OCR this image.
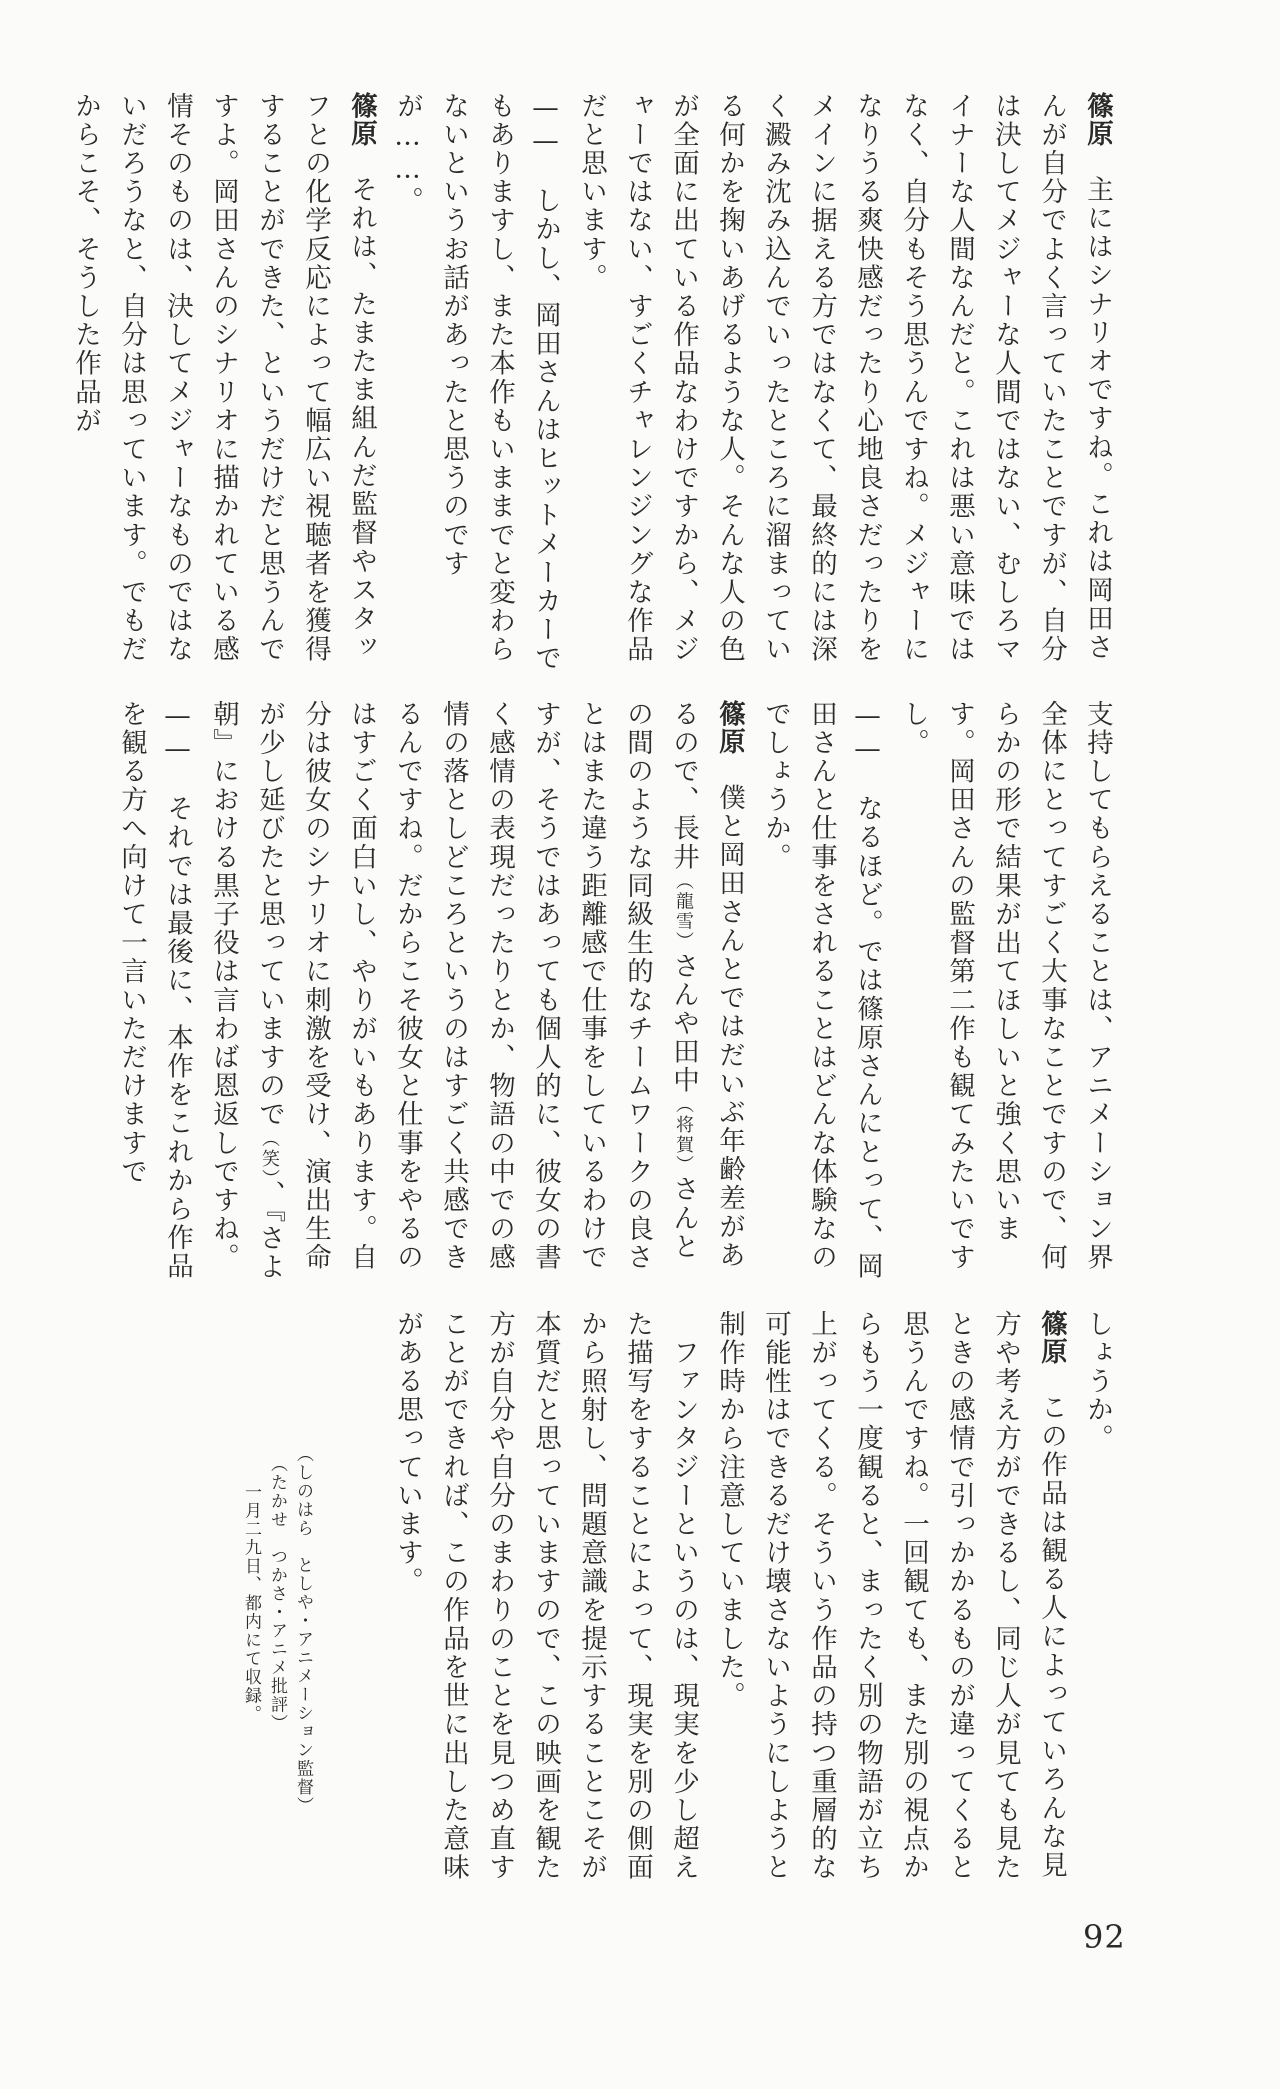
篠原　主にはシナリオですね。これは岡田さんが自分でよく言っていたことですが、自分は決してメジャーな人間ではない、むしろマイナーな人間なんだと。これは悪い意味ではなく、自分もそう思うんですね。メジャーになりうる爽快感だったり心地良さだったりをメインに据える方ではなくて、最終的には深く澱み沈み込んでいったところに溜まっている何かを掬いあげるような人。そんな人の色が全面に出ている作品なわけですから、メジャーではない、すごくチャレンジングな作品だと思います。
——　しかし、岡田さんはヒットメーカーでもありますし、また本作もいままでと変わらないというお話があったと思うのですが……。
篠原　それは、たまたま組んだ監督やスタッフとの化学反応によって幅広い視聴者を獲得することができた、というだけだと思うんですよ。岡田さんのシナリオに描かれている感情そのものは、決してメジャーなものではないだろうなと、自分は思っています。でもだからこそ、そうした作品が
支持してもらえることは、アニメーション界全体にとってすごく大事なことですので、何らかの形で結果が出てほしいと強く思います。岡田さんの監督第二作も観てみたいですし。
——　なるほど。では篠原さんにとって、岡田さんと仕事をされることはどんな体験なのでしょうか。
篠原　僕と岡田さんとではだいぶ年齢差があるので、長井（龍雪）さんや田中（将賀）さんとの間のような同級生的なチームワークの良さとはまた違う距離感で仕事をしているわけですが、そうではあっても個人的に、彼女の書く感情の表現だったりとか、物語の中での感情の落としどころというのはすごく共感できるんですね。だからこそ彼女と仕事をやるのはすごく面白いし、やりがいもあります。自分は彼女のシナリオに刺激を受け、演出生命が少し延びたと思っていますので（笑）、『さよ朝』における黒子役は言わば恩返しですね。
——　それでは最後に、本作をこれから作品を観る方へ向けて一言いただけますで
しょうか。
篠原　この作品は観る人によっていろんな見方や考え方ができるし、同じ人が見ても見たときの感情で引っかかるものが違ってくると思うんですね。一回観ても、また別の視点からもう一度観ると、まったく別の物語が立ち上がってくる。そういう作品の持つ重層的な可能性はできるだけ壊さないようにしようと制作時から注意していました。
　ファンタジーというのは、現実を少し超えた描写をすることによって、現実を別の側面から照射し、問題意識を提示することこそが本質だと思っていますので、この映画を観た方が自分や自分のまわりのことを見つめ直すことができれば、この作品を世に出した意味がある思っています。
（しのはら　としや・アニメーション監督）
（たかせ　つかさ・アニメ批評）
一月二九日、都内にて収録。
92
